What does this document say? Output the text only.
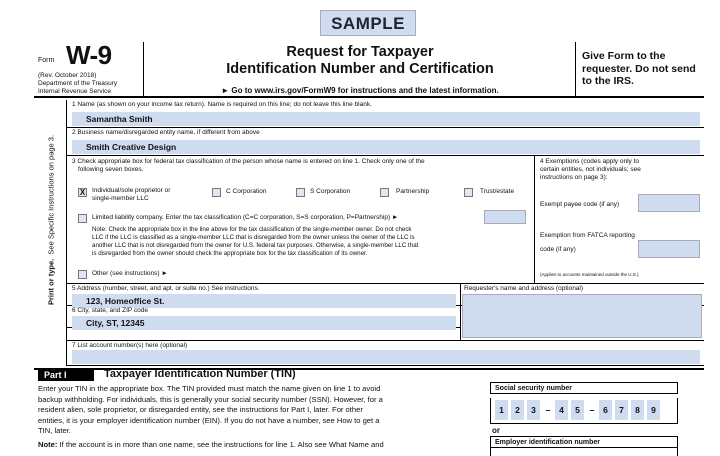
SAMPLE
Form W-9
(Rev. October 2018)
Department of the Treasury
Internal Revenue Service
Request for Taxpayer
Identification Number and Certification
► Go to www.irs.gov/FormW9 for instructions and the latest information.
Give Form to the requester. Do not send to the IRS.
Print or type.  See Specific Instructions on page 3.
1 Name (as shown on your income tax return). Name is required on this line; do not leave this line blank.
Samantha Smith
2 Business name/disregarded entity name, if different from above
Smith Creative Design
3 Check appropriate box for federal tax classification of the person whose name is entered on line 1. Check only one of the
following seven boxes.
X Individual/sole proprietor or
single-member LLC
C Corporation	S Corporation	Partnership	Trust/estate
Limited liability company. Enter the tax classification (C=C corporation, S=S corporation, P=Partnership) ►
Note: Check the appropriate box in the line above for the tax classification of the single-member owner. Do not check
LLC if the LLC is classified as a single-member LLC that is disregarded from the owner unless the owner of the LLC is
another LLC that is not disregarded from the owner for U.S. federal tax purposes. Otherwise, a single-member LLC that
is disregarded from the owner should check the appropriate box for the tax classification of its owner.
Other (see instructions) ►
4 Exemptions (codes apply only to
certain entities, not individuals; see
instructions on page 3):
Exempt payee code (if any)
Exemption from FATCA reporting
code (if any)
(Applies to accounts maintained outside the U.S.)
5 Address (number, street, and apt. or suite no.) See instructions.
123, Homeoffice St.
6 City, state, and ZIP code
City, ST, 12345
Requester's name and address (optional)
7 List account number(s) here (optional)
Part I	Taxpayer Identification Number (TIN)
Enter your TIN in the appropriate box. The TIN provided must match the name given on line 1 to avoid
backup withholding. For individuals, this is generally your social security number (SSN). However, for a
resident alien, sole proprietor, or disregarded entity, see the instructions for Part I, later. For other
entities, it is your employer identification number (EIN). If you do not have a number, see How to get a
TIN, later.
Note: If the account is in more than one name, see the instructions for line 1. Also see What Name and
Social security number
1	2	3	–	4	5	–	6	7	8	9
or
Employer identification number
